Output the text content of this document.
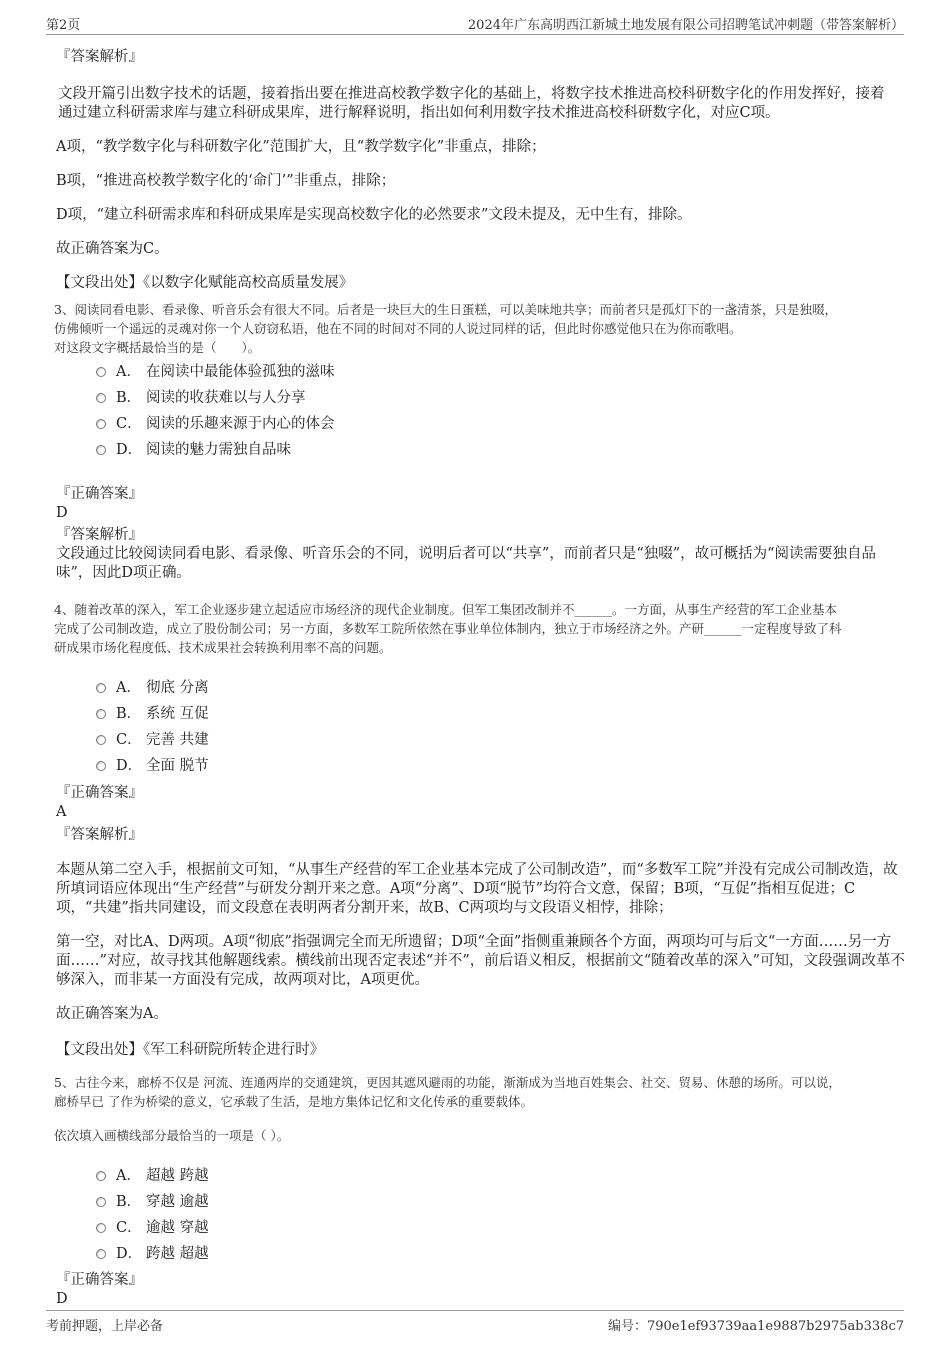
第2页	2024年广东高明西江新城土地发展有限公司招聘笔试冲刺题（带答案解析）

『答案解析』

文段开篇引出数字技术的话题，接着指出要在推进高校教学数字化的基础上，将数字技术推进高校科研数字化的作用发挥好，接着通过建立科研需求库与建立科研成果库，进行解释说明，指出如何利用数字技术推进高校科研数字化，对应C项。

A项，“教学数字化与科研数字化”范围扩大，且“教学数字化”非重点，排除；

B项，“推进高校教学数字化的‘命门’”非重点，排除；

D项，“建立科研需求库和科研成果库是实现高校数字化的必然要求”文段未提及，无中生有，排除。

故正确答案为C。

【文段出处】《以数字化赋能高校高质量发展》

3、阅读同看电影、看录像、听音乐会有很大不同。后者是一块巨大的生日蛋糕，可以美味地共享；而前者只是孤灯下的一盏清茶，只是独啜，

仿佛倾听一个遥远的灵魂对你一个人窃窃私语，他在不同的时间对不同的人说过同样的话，但此时你感觉他只在为你而歌唱。

对这段文字概括最恰当的是（　　）。

A． 在阅读中最能体验孤独的滋味
B． 阅读的收获难以与人分享
C． 阅读的乐趣来源于内心的体会
D． 阅读的魅力需独自品味

『正确答案』

D

『答案解析』

文段通过比较阅读同看电影、看录像、听音乐会的不同，说明后者可以“共享”，而前者只是“独啜”，故可概括为“阅读需要独自品味”，因此D项正确。

4、随着改革的深入，军工企业逐步建立起适应市场经济的现代企业制度。但军工集团改制并不______。一方面，从事生产经营的军工企业基本

完成了公司制改造，成立了股份制公司；另一方面，多数军工院所依然在事业单位体制内，独立于市场经济之外。产研______一定程度导致了科

研成果市场化程度低、技术成果社会转换利用率不高的问题。

A． 彻底 分离
B． 系统 互促
C． 完善 共建
D． 全面 脱节

『正确答案』

A

『答案解析』

本题从第二空入手，根据前文可知，“从事生产经营的军工企业基本完成了公司制改造”，而“多数军工院”并没有完成公司制改造，故所填词语应体现出“生产经营”与研发分割开来之意。A项“分离”、D项“脱节”均符合文意，保留；B项，“互促”指相互促进；C项，“共建”指共同建设，而文段意在表明两者分割开来，故B、C两项均与文段语义相悖，排除；

第一空，对比A、D两项。A项“彻底”指强调完全而无所遗留；D项“全面”指侧重兼顾各个方面，两项均可与后文“一方面……另一方面……”对应，故寻找其他解题线索。横线前出现否定表述“并不”，前后语义相反，根据前文“随着改革的深入”可知，文段强调改革不够深入，而非某一方面没有完成，故两项对比，A项更优。

故正确答案为A。

【文段出处】《军工科研院所转企进行时》

5、古往今来，廊桥不仅是 河流、连通两岸的交通建筑，更因其遮风避雨的功能，渐渐成为当地百姓集会、社交、贸易、休憩的场所。可以说，

廊桥早已 了作为桥梁的意义，它承载了生活，是地方集体记忆和文化传承的重要载体。

依次填入画横线部分最恰当的一项是（ ）。

A． 超越 跨越
B． 穿越 逾越
C． 逾越 穿越
D． 跨越 超越

『正确答案』

D

考前押题，上岸必备	编号：790e1ef93739aa1e9887b2975ab338c7
